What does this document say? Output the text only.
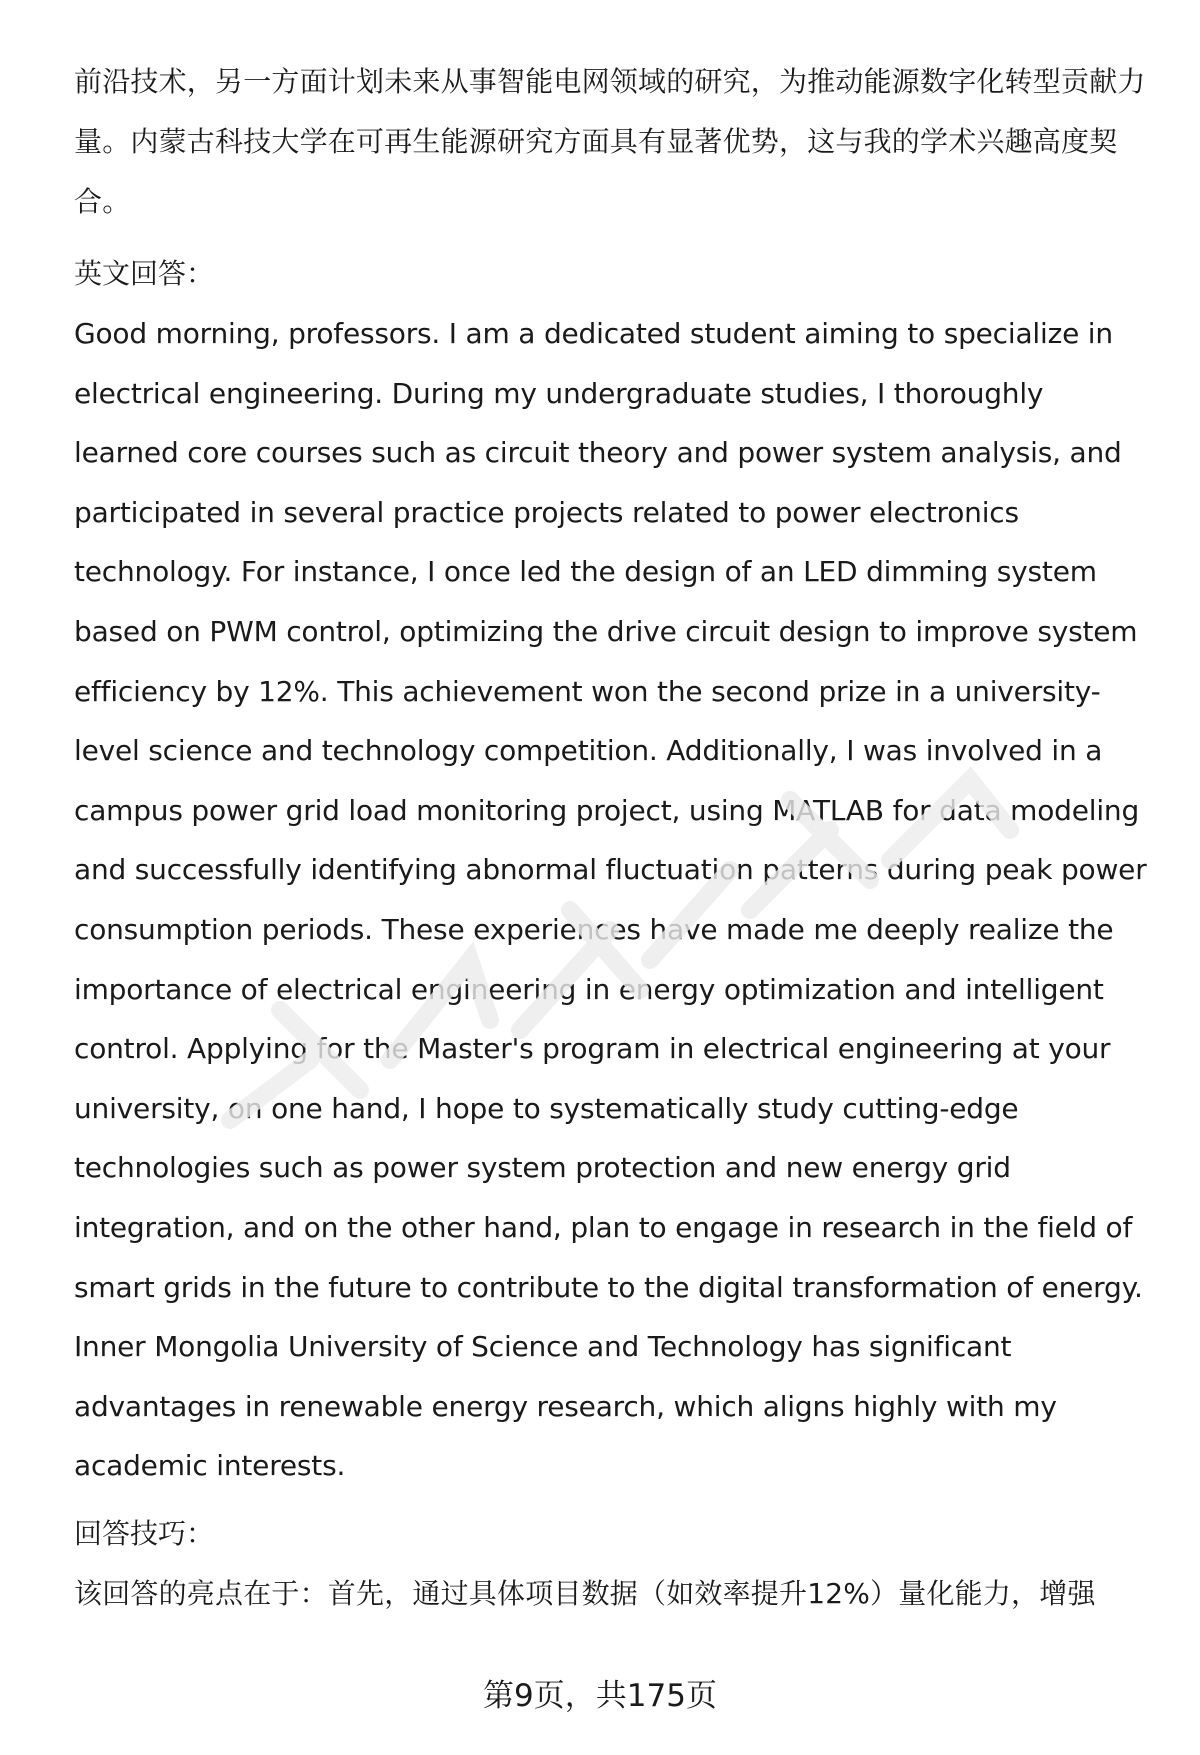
前沿技术，另一方面计划未来从事智能电网领域的研究，为推动能源数字化转型贡献力量。内蒙古科技大学在可再生能源研究方面具有显著优势，这与我的学术兴趣高度契合。

英文回答：

Good morning, professors. I am a dedicated student aiming to specialize in electrical engineering. During my undergraduate studies, I thoroughly learned core courses such as circuit theory and power system analysis, and participated in several practice projects related to power electronics technology. For instance, I once led the design of an LED dimming system based on PWM control, optimizing the drive circuit design to improve system efficiency by 12%. This achievement won the second prize in a university-level science and technology competition. Additionally, I was involved in a campus power grid load monitoring project, using MATLAB for data modeling and successfully identifying abnormal fluctuation patterns during peak power consumption periods. These experiences have made me deeply realize the importance of electrical engineering in energy optimization and intelligent control. Applying for the Master's program in electrical engineering at your university, on one hand, I hope to systematically study cutting-edge technologies such as power system protection and new energy grid integration, and on the other hand, plan to engage in research in the field of smart grids in the future to contribute to the digital transformation of energy. Inner Mongolia University of Science and Technology has significant advantages in renewable energy research, which aligns highly with my academic interests.

回答技巧：

该回答的亮点在于：首先，通过具体项目数据（如效率提升12%）量化能力，增强

第9页，共175页
